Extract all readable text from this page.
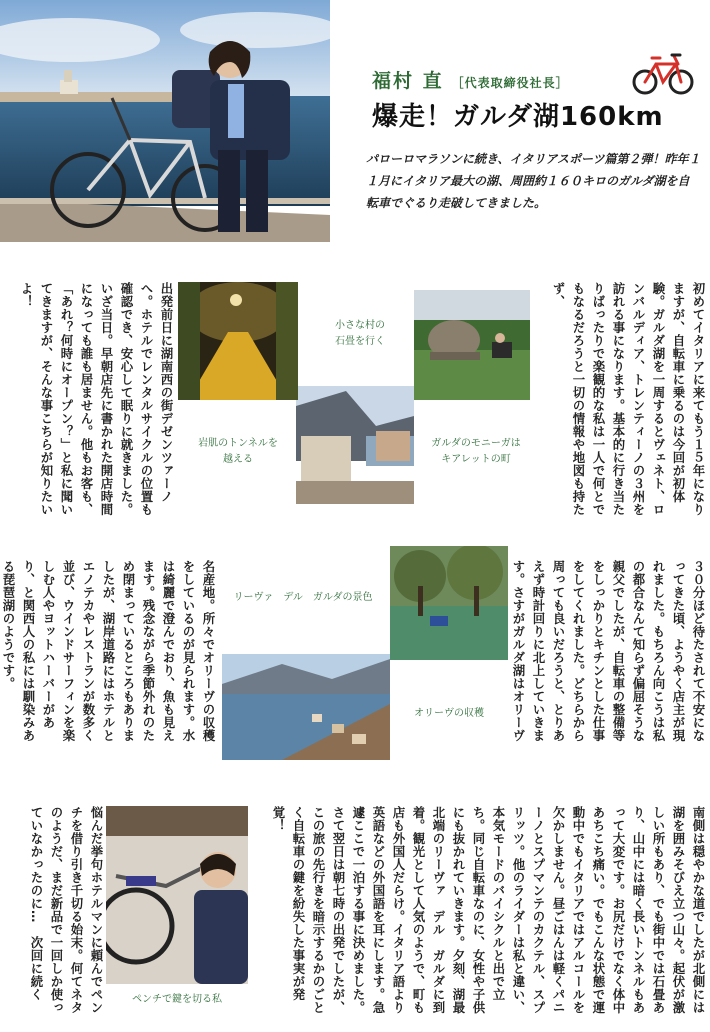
福村 直 ［代表取締役社長］
爆走！ガルダ湖160km
パローロマラソンに続き、イタリアスポーツ篇第２弾！昨年１１月にイタリア最大の湖、周囲約１６０キロのガルダ湖を自転車でぐるり走破してきました。
初めてイタリアに来てもう１５年になりますが、自転車に乗るのは今回が初体験。ガルダ湖を一周するとヴェネト、ロンバルディア、トレンティーノの３州を訪れる事になります。基本的に行き当たりばったりで楽観的な私は一人で何とでもなるだろうと一切の情報や地図も持たず、
小さな村の
石畳を行く
ガルダのモニーガは
キアレットの町
岩肌のトンネルを
越える
出発前日に湖南西の街デゼンツァーノへ。ホテルでレンタルサイクルの位置も確認でき、安心して眠りに就きました。いざ当日。早朝店先に書かれた開店時間になっても誰も居ません。他もお客も、「あれ？何時にオープン？」と私に聞いてきますが、そんな事こちらが知りたいよ！
３０分ほど待たされて不安になってきた頃、ようやく店主が現れました。もちろん向こうは私の都合なんて知らず偏屈そうな親父でしたが、自転車の整備等をしっかりとキチンとした仕事をしてくれました。どちらから周っても良いだろうと、とりあえず時計回りに北上していきます。さすがガルダ湖はオリーヴ
オリーヴの収穫
リーヴァ　デル　ガルダの景色
名産地。所々でオリーヴの収穫をしているのが見られます。水は綺麗で澄んでおり、魚も見えます。残念ながら季節外れのため閉まっているところもありましたが、湖岸道路にはホテルとエノテカやレストランが数多く並び、ウインドサーフィンを楽しむ人やヨットハーバーがあり、と関西人の私には馴染みある琵琶湖のようです。
南側は穏やかな道でしたが北側には湖を囲みそびえ立つ山々。起伏が激しい所もあり、でも街中では石畳あり、山中には暗く長いトンネルもあって大変です。お尻だけでなく体中あちこち痛い。でもこんな状態で運動中でもイタリアではアルコールを欠かしません。昼ごはんは軽くパニーノとスプマンテのカクテル、スプリッツ。他のライダーは私と違い、本気モードのバイシクルと出で立ち。同じ自転車なのに、女性や子供にも抜かれていきます。夕刻、湖最北端のリーヴァ　デル　ガルダに到着。観光として人気のようで、町も店も外国人だらけ。イタリア語より英語などの外国語を耳にします。急遽ここで一泊する事に決めました。さて翌日は朝七時の出発でしたが、この旅の先行きを暗示するかのごとく自転車の鍵を紛失した事実が発覚！
ペンチで鍵を切る私
悩んだ挙句ホテルマンに頼んでペンチを借り引き千切る始末。何てネタのようだ、まだ新品で一回しか使っていなかったのに…　次回に続く
